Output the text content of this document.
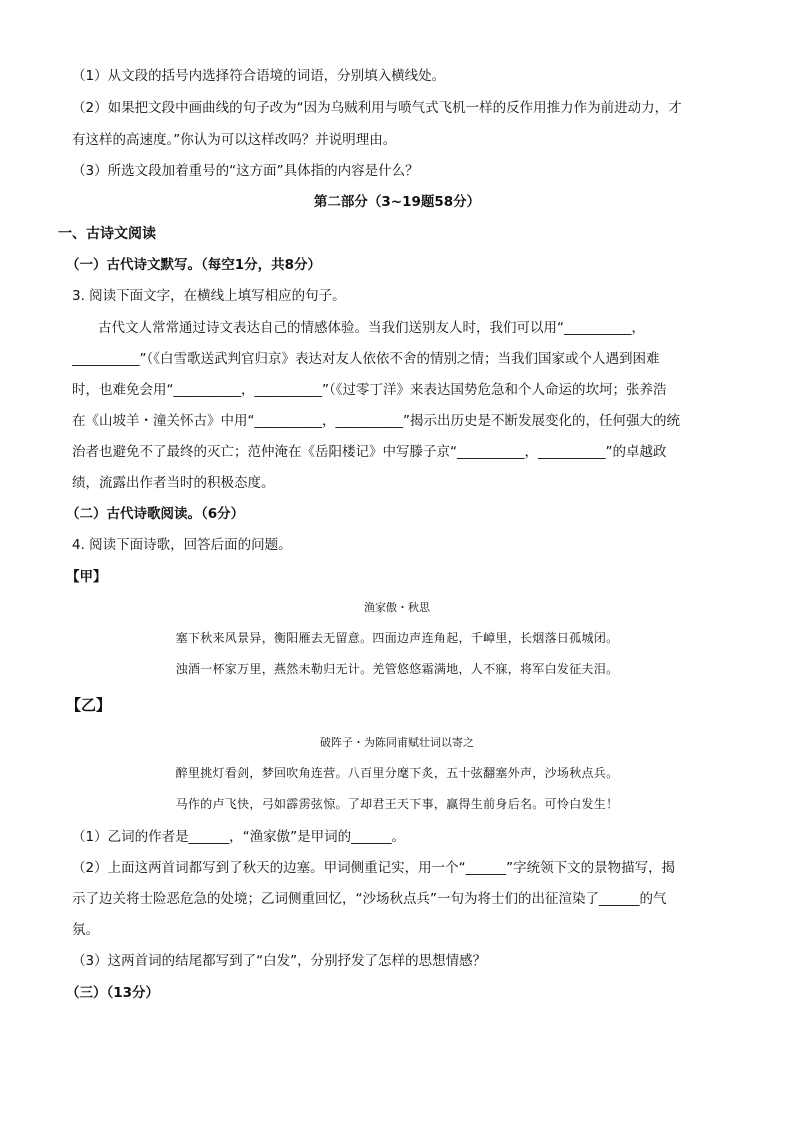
（1）从文段的括号内选择符合语境的词语，分别填入横线处。
（2）如果把文段中画曲线的句子改为“因为乌贼利用与喷气式飞机一样的反作用推力作为前进动力，才
有这样的高速度。”你认为可以这样改吗？并说明理由。
（3）所选文段加着重号的“这方面”具体指的内容是什么？
第二部分（3~19题58分）
一、古诗文阅读
（一）古代诗文默写。（每空1分，共8分）
3. 阅读下面文字，在横线上填写相应的句子。
古代文人常常通过诗文表达自己的情感体验。当我们送别友人时，我们可以用“__________，
__________”（《白雪歌送武判官归京》表达对友人依依不舍的情别之情；当我们国家或个人遇到困难
时，也难免会用“__________，__________”（《过零丁洋》来表达国势危急和个人命运的坎坷；张养浩
在《山坡羊・潼关怀古》中用“__________，__________”揭示出历史是不断发展变化的，任何强大的统
治者也避免不了最终的灭亡；范仲淹在《岳阳楼记》中写滕子京“__________，__________”的卓越政
绩，流露出作者当时的积极态度。
（二）古代诗歌阅读。（6分）
4. 阅读下面诗歌，回答后面的问题。
【甲】
渔家傲・秋思
塞下秋来风景异，衡阳雁去无留意。四面边声连角起，千嶂里，长烟落日孤城闭。
浊酒一杯家万里，燕然未勒归无计。羌管悠悠霜满地，人不寐，将军白发征夫泪。
【乙】
破阵子・为陈同甫赋壮词以寄之
醉里挑灯看剑，梦回吹角连营。八百里分麾下炙，五十弦翻塞外声，沙场秋点兵。
马作的卢飞快，弓如霹雳弦惊。了却君王天下事，赢得生前身后名。可怜白发生！
（1）乙词的作者是______，“渔家傲”是甲词的______。
（2）上面这两首词都写到了秋天的边塞。甲词侧重记实，用一个“______”字统领下文的景物描写，揭
示了边关将士险恶危急的处境；乙词侧重回忆，“沙场秋点兵”一句为将士们的出征渲染了______的气
氛。
（3）这两首词的结尾都写到了“白发”，分别抒发了怎样的思想情感？
（三）（13分）
